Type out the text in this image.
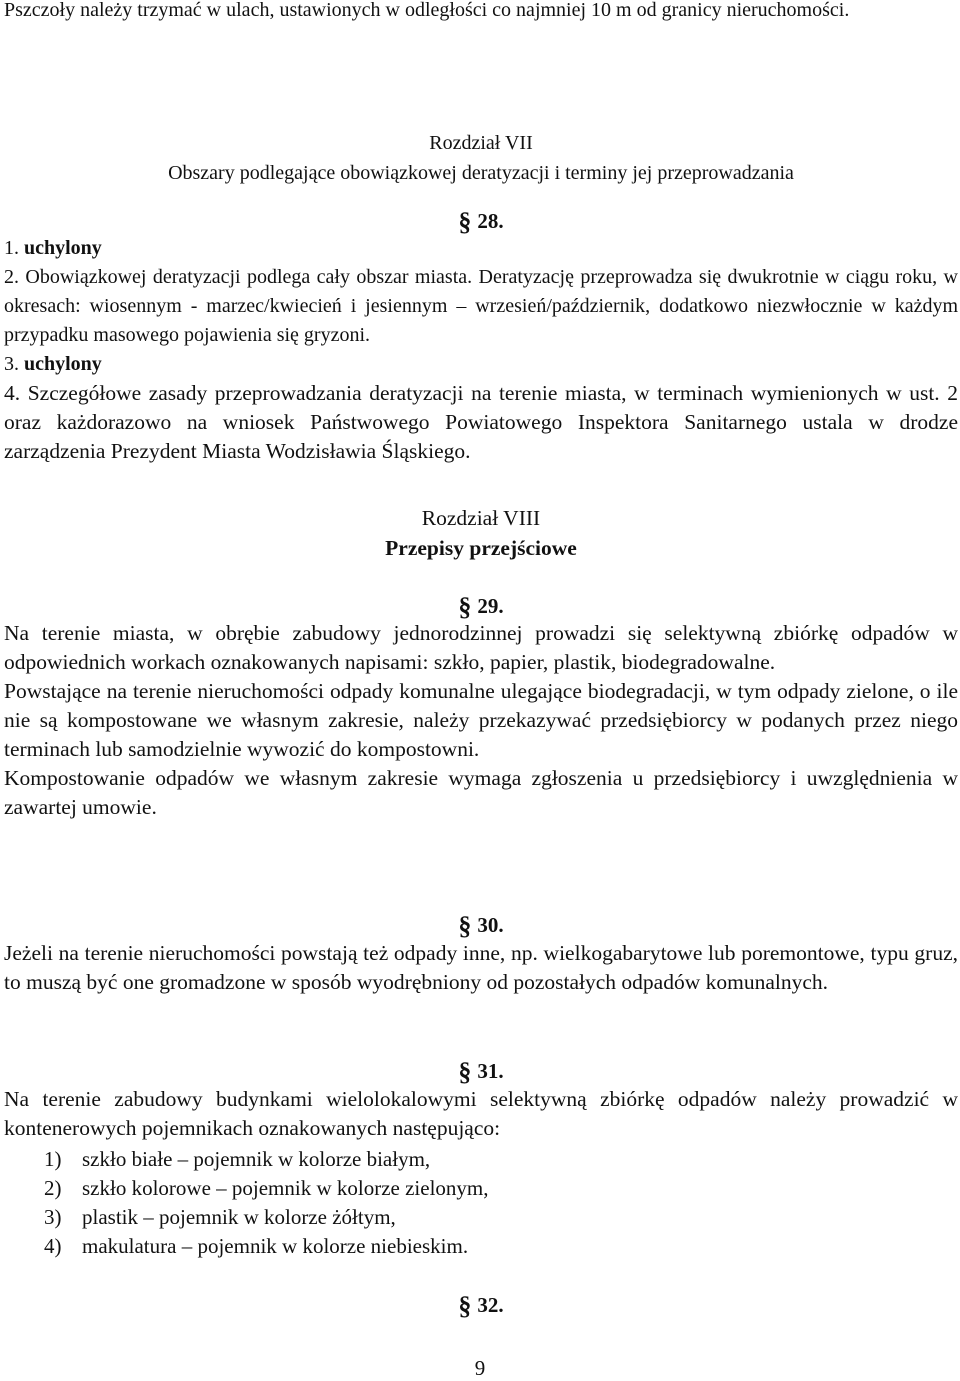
Pszczoły należy trzymać w ulach, ustawionych w odległości co najmniej 10 m od granicy nieruchomości.

Rozdział VII

Obszary podlegające obowiązkowej deratyzacji i terminy jej przeprowadzania

§ 28.

1. uchylony

2. Obowiązkowej deratyzacji podlega cały obszar miasta. Deratyzację przeprowadza się dwukrotnie w ciągu roku, w okresach: wiosennym - marzec/kwiecień i jesiennym – wrzesień/październik, dodatkowo niezwłocznie w każdym przypadku masowego pojawienia się gryzoni.

3. uchylony

4. Szczegółowe zasady przeprowadzania deratyzacji na terenie miasta, w terminach wymienionych w ust. 2 oraz każdorazowo na wniosek Państwowego Powiatowego Inspektora Sanitarnego ustala w drodze zarządzenia Prezydent Miasta Wodzisławia Śląskiego.

Rozdział VIII

Przepisy przejściowe

§ 29.

Na terenie miasta, w obrębie zabudowy jednorodzinnej prowadzi się selektywną zbiórkę odpadów w odpowiednich workach oznakowanych napisami: szkło, papier, plastik, biodegradowalne.

Powstające na terenie nieruchomości odpady komunalne ulegające biodegradacji, w tym odpady zielone, o ile nie są kompostowane we własnym zakresie, należy przekazywać przedsiębiorcy w podanych przez niego terminach lub samodzielnie wywozić do kompostowni.

Kompostowanie odpadów we własnym zakresie wymaga zgłoszenia u przedsiębiorcy i uwzględnienia w zawartej umowie.

§ 30.

Jeżeli na terenie nieruchomości powstają też odpady inne, np. wielkogabarytowe lub poremontowe, typu gruz, to muszą być one gromadzone w sposób wyodrębniony od pozostałych odpadów komunalnych.

§ 31.

Na terenie zabudowy budynkami wielolokalowymi selektywną zbiórkę odpadów należy prowadzić w kontenerowych pojemnikach oznakowanych następująco:

1) szkło białe – pojemnik w kolorze białym,
2) szkło kolorowe – pojemnik w kolorze zielonym,
3) plastik – pojemnik w kolorze żółtym,
4) makulatura – pojemnik w kolorze niebieskim.
§ 32.
9
